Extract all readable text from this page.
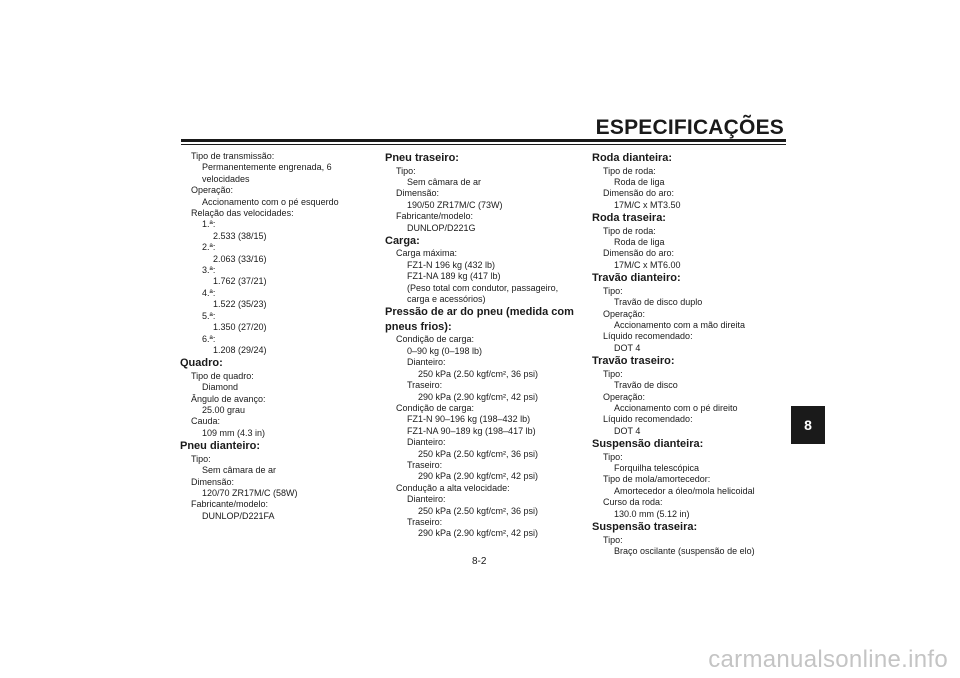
ESPECIFICAÇÕES
8
Tipo de transmissão:
Permanentemente engrenada, 6
velocidades
Operação:
Accionamento com o pé esquerdo
Relação das velocidades:
1.ª:
2.533 (38/15)
2.ª:
2.063 (33/16)
3.ª:
1.762 (37/21)
4.ª:
1.522 (35/23)
5.ª:
1.350 (27/20)
6.ª:
1.208 (29/24)
Quadro:
Tipo de quadro:
Diamond
Ângulo de avanço:
25.00 grau
Cauda:
109 mm (4.3 in)
Pneu dianteiro:
Tipo:
Sem câmara de ar
Dimensão:
120/70 ZR17M/C (58W)
Fabricante/modelo:
DUNLOP/D221FA
Pneu traseiro:
Tipo:
Sem câmara de ar
Dimensão:
190/50 ZR17M/C (73W)
Fabricante/modelo:
DUNLOP/D221G
Carga:
Carga máxima:
FZ1-N 196 kg (432 lb)
FZ1-NA 189 kg (417 lb)
(Peso total com condutor, passageiro,
carga e acessórios)
Pressão de ar do pneu (medida com pneus frios):
Condição de carga:
0–90 kg (0–198 lb)
Dianteiro:
250 kPa (2.50 kgf/cm², 36 psi)
Traseiro:
290 kPa (2.90 kgf/cm², 42 psi)
Condição de carga:
FZ1-N 90–196 kg (198–432 lb)
FZ1-NA 90–189 kg (198–417 lb)
Dianteiro:
250 kPa (2.50 kgf/cm², 36 psi)
Traseiro:
290 kPa (2.90 kgf/cm², 42 psi)
Condução a alta velocidade:
Dianteiro:
250 kPa (2.50 kgf/cm², 36 psi)
Traseiro:
290 kPa (2.90 kgf/cm², 42 psi)
Roda dianteira:
Tipo de roda:
Roda de liga
Dimensão do aro:
17M/C x MT3.50
Roda traseira:
Tipo de roda:
Roda de liga
Dimensão do aro:
17M/C x MT6.00
Travão dianteiro:
Tipo:
Travão de disco duplo
Operação:
Accionamento com a mão direita
Líquido recomendado:
DOT 4
Travão traseiro:
Tipo:
Travão de disco
Operação:
Accionamento com o pé direito
Líquido recomendado:
DOT 4
Suspensão dianteira:
Tipo:
Forquilha telescópica
Tipo de mola/amortecedor:
Amortecedor a óleo/mola helicoidal
Curso da roda:
130.0 mm (5.12 in)
Suspensão traseira:
Tipo:
Braço oscilante (suspensão de elo)
8-2
carmanualsonline.info
